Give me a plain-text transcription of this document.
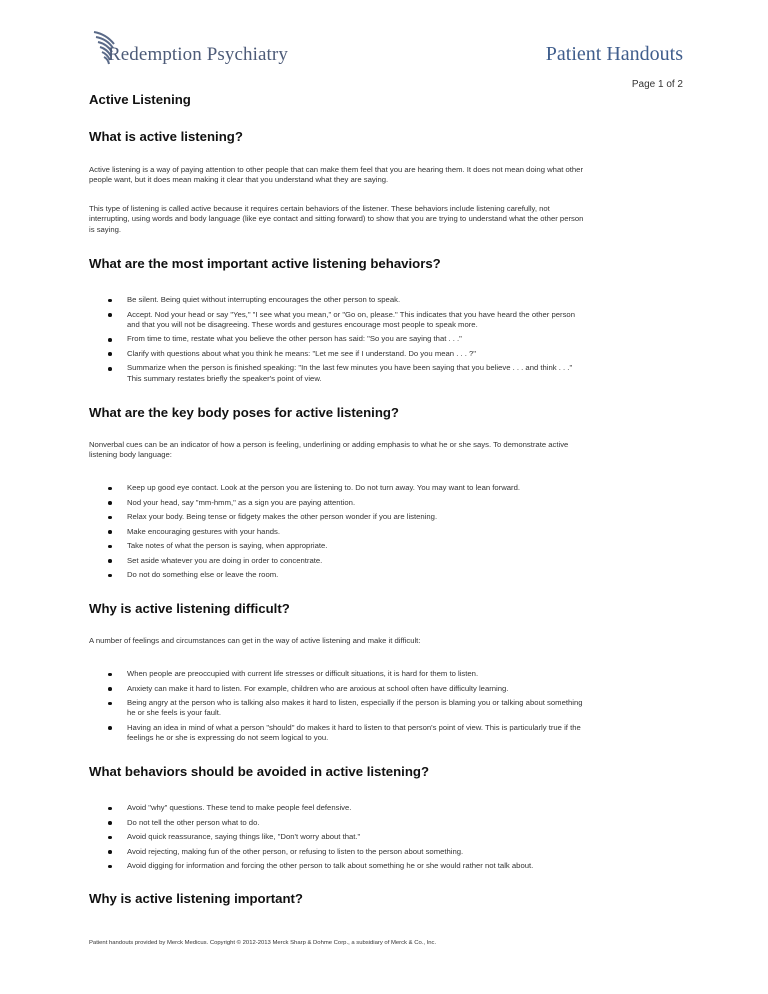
Redemption Psychiatry	Patient Handouts
Page 1 of 2
Active Listening
What is active listening?

Active listening is a way of paying attention to other people that can make them feel that you are hearing them. It does not mean doing what other people want, but it does mean making it clear that you understand what they are saying.

This type of listening is called active because it requires certain behaviors of the listener. These behaviors include listening carefully, not interrupting, using words and body language (like eye contact and sitting forward) to show that you are trying to understand what the other person is saying.

What are the most important active listening behaviors?
Be silent. Being quiet without interrupting encourages the other person to speak.
Accept. Nod your head or say "Yes," "I see what you mean," or "Go on, please." This indicates that you have heard the other person and that you will not be disagreeing. These words and gestures encourage most people to speak more.
From time to time, restate what you believe the other person has said: "So you are saying that . . ."
Clarify with questions about what you think he means: "Let me see if I understand. Do you mean . . . ?"
Summarize when the person is finished speaking: "In the last few minutes you have been saying that you believe . . . and think . . ." This summary restates briefly the speaker's point of view.
What are the key body poses for active listening?

Nonverbal cues can be an indicator of how a person is feeling, underlining or adding emphasis to what he or she says. To demonstrate active listening body language:

Keep up good eye contact. Look at the person you are listening to. Do not turn away. You may want to lean forward.
Nod your head, say "mm-hmm," as a sign you are paying attention.
Relax your body. Being tense or fidgety makes the other person wonder if you are listening.
Make encouraging gestures with your hands.
Take notes of what the person is saying, when appropriate.
Set aside whatever you are doing in order to concentrate.
Do not do something else or leave the room.
Why is active listening difficult?

A number of feelings and circumstances can get in the way of active listening and make it difficult:

When people are preoccupied with current life stresses or difficult situations, it is hard for them to listen.
Anxiety can make it hard to listen. For example, children who are anxious at school often have difficulty learning.
Being angry at the person who is talking also makes it hard to listen, especially if the person is blaming you or talking about something he or she feels is your fault.
Having an idea in mind of what a person "should" do makes it hard to listen to that person's point of view. This is particularly true if the feelings he or she is expressing do not seem logical to you.
What behaviors should be avoided in active listening?
Avoid "why" questions. These tend to make people feel defensive.
Do not tell the other person what to do.
Avoid quick reassurance, saying things like, "Don't worry about that."
Avoid rejecting, making fun of the other person, or refusing to listen to the person about something.
Avoid digging for information and forcing the other person to talk about something he or she would rather not talk about.
Why is active listening important?
Patient handouts provided by Merck Medicus. Copyright © 2012-2013 Merck Sharp & Dohme Corp., a subsidiary of Merck & Co., Inc.
